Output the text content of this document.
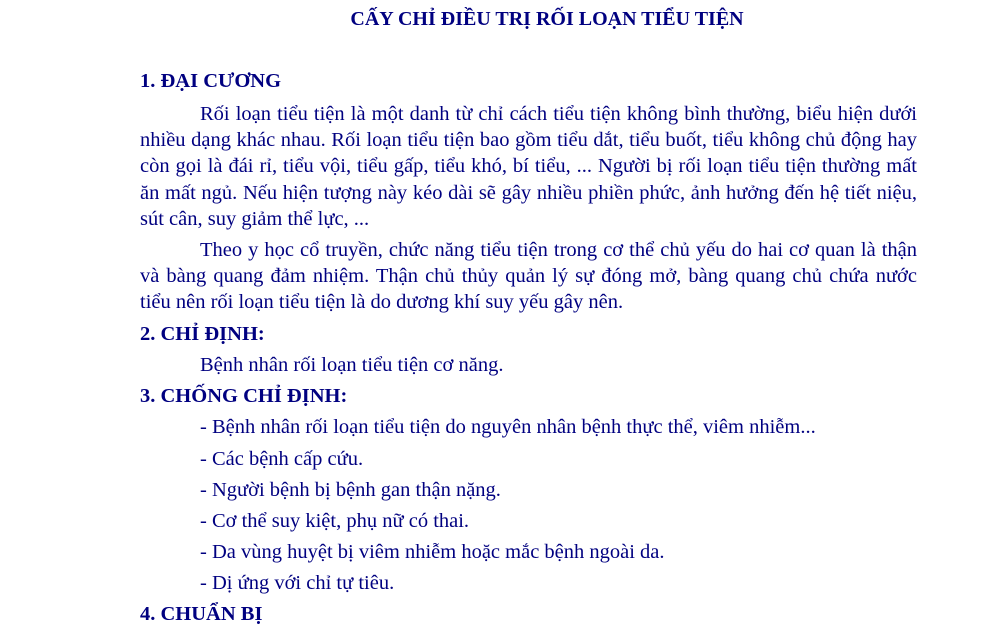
CẤY CHỈ ĐIỀU TRỊ RỐI LOẠN TIỂU TIỆN
1. ĐẠI CƯƠNG

Rối loạn tiểu tiện là một danh từ chỉ cách tiểu tiện không bình thường, biểu hiện dưới nhiều dạng khác nhau. Rối loạn tiểu tiện bao gồm tiểu dắt, tiểu buốt, tiểu không chủ động hay còn gọi là đái rỉ, tiểu vội, tiểu gấp, tiểu khó, bí tiểu, ... Người bị rối loạn tiểu tiện thường mất ăn mất ngủ. Nếu hiện tượng này kéo dài sẽ gây nhiều phiền phức, ảnh hưởng đến hệ tiết niệu, sút cân, suy giảm thể lực, ...

Theo y học cổ truyền, chức năng tiểu tiện trong cơ thể chủ yếu do hai cơ quan là thận và bàng quang đảm nhiệm. Thận chủ thủy quản lý sự đóng mở, bàng quang chủ chứa nước tiểu nên rối loạn tiểu tiện là do dương khí suy yếu gây nên.

2. CHỈ ĐỊNH:

Bệnh nhân rối loạn tiểu tiện cơ năng.

3. CHỐNG CHỈ ĐỊNH:

- Bệnh nhân rối loạn tiểu tiện do nguyên nhân bệnh thực thể, viêm nhiễm...

- Các bệnh cấp cứu.

- Người bệnh bị bệnh gan thận nặng.

- Cơ thể suy kiệt, phụ nữ có thai.

- Da vùng huyệt bị viêm nhiễm hoặc mắc bệnh ngoài da.

- Dị ứng với chỉ tự tiêu.

4. CHUẨN BỊ
